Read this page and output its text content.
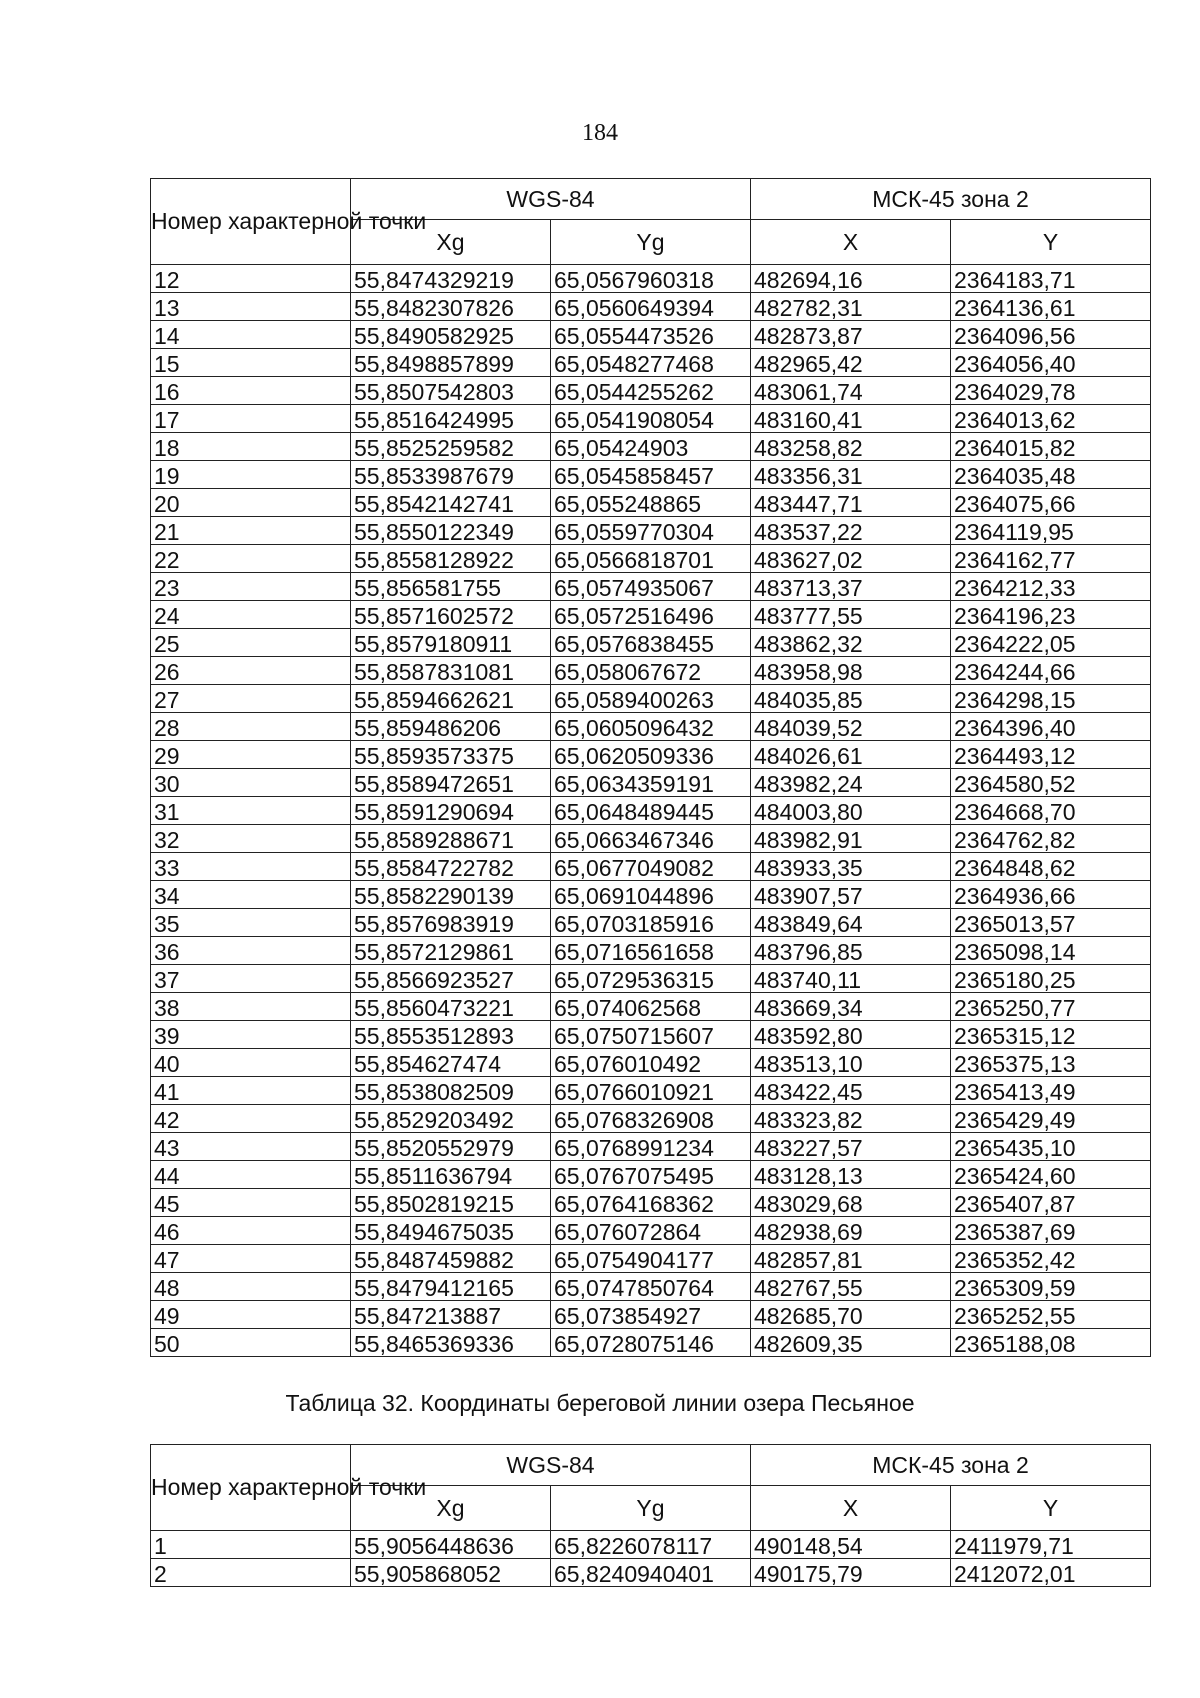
184
Номер характерной точки	WGS-84		МСК-45 зона 2	
	Xg	Yg	X	Y
12	55,8474329219	65,0567960318	482694,16	2364183,71
13	55,8482307826	65,0560649394	482782,31	2364136,61
14	55,8490582925	65,0554473526	482873,87	2364096,56
15	55,8498857899	65,0548277468	482965,42	2364056,40
16	55,8507542803	65,0544255262	483061,74	2364029,78
17	55,8516424995	65,0541908054	483160,41	2364013,62
18	55,8525259582	65,05424903	483258,82	2364015,82
19	55,8533987679	65,0545858457	483356,31	2364035,48
20	55,8542142741	65,055248865	483447,71	2364075,66
21	55,8550122349	65,0559770304	483537,22	2364119,95
22	55,8558128922	65,0566818701	483627,02	2364162,77
23	55,856581755	65,0574935067	483713,37	2364212,33
24	55,8571602572	65,0572516496	483777,55	2364196,23
25	55,8579180911	65,0576838455	483862,32	2364222,05
26	55,8587831081	65,058067672	483958,98	2364244,66
27	55,8594662621	65,0589400263	484035,85	2364298,15
28	55,859486206	65,0605096432	484039,52	2364396,40
29	55,8593573375	65,0620509336	484026,61	2364493,12
30	55,8589472651	65,0634359191	483982,24	2364580,52
31	55,8591290694	65,0648489445	484003,80	2364668,70
32	55,8589288671	65,0663467346	483982,91	2364762,82
33	55,8584722782	65,0677049082	483933,35	2364848,62
34	55,8582290139	65,0691044896	483907,57	2364936,66
35	55,8576983919	65,0703185916	483849,64	2365013,57
36	55,8572129861	65,0716561658	483796,85	2365098,14
37	55,8566923527	65,0729536315	483740,11	2365180,25
38	55,8560473221	65,074062568	483669,34	2365250,77
39	55,8553512893	65,0750715607	483592,80	2365315,12
40	55,854627474	65,076010492	483513,10	2365375,13
41	55,8538082509	65,0766010921	483422,45	2365413,49
42	55,8529203492	65,0768326908	483323,82	2365429,49
43	55,8520552979	65,0768991234	483227,57	2365435,10
44	55,8511636794	65,0767075495	483128,13	2365424,60
45	55,8502819215	65,0764168362	483029,68	2365407,87
46	55,8494675035	65,076072864	482938,69	2365387,69
47	55,8487459882	65,0754904177	482857,81	2365352,42
48	55,8479412165	65,0747850764	482767,55	2365309,59
49	55,847213887	65,073854927	482685,70	2365252,55
50	55,8465369336	65,0728075146	482609,35	2365188,08
Таблица 32. Координаты береговой линии озера Песьяное
Номер характерной точки	WGS-84		МСК-45 зона 2	
	Xg	Yg	X	Y
1	55,9056448636	65,8226078117	490148,54	2411979,71
2	55,905868052	65,8240940401	490175,79	2412072,01
